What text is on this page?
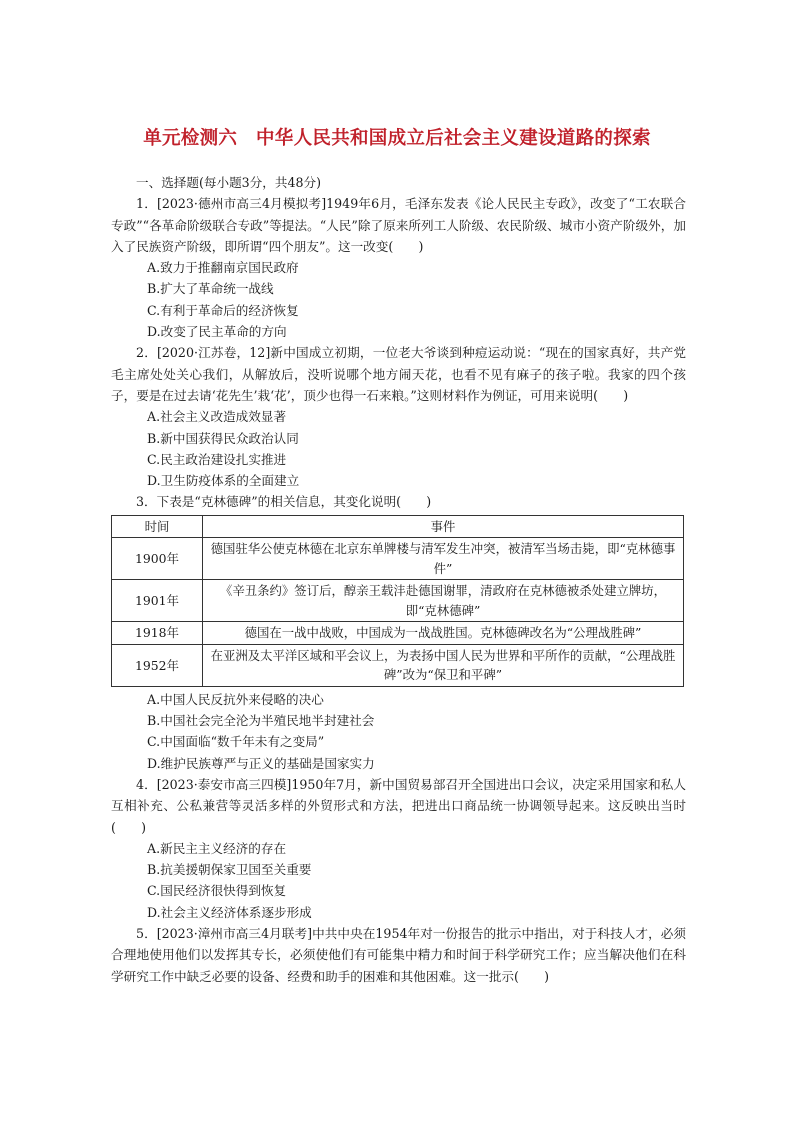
单元检测六　中华人民共和国成立后社会主义建设道路的探索
一、选择题(每小题3分，共48分)

1．[2023·德州市高三4月模拟考]1949年6月，毛泽东发表《论人民民主专政》，改变了“工农联合专政”“各革命阶级联合专政”等提法。“人民”除了原来所列工人阶级、农民阶级、城市小资产阶级外，加入了民族资产阶级，即所谓“四个朋友”。这一改变(　　)

A.致力于推翻南京国民政府
B.扩大了革命统一战线
C.有利于革命后的经济恢复
D.改变了民主革命的方向

2．[2020·江苏卷，12]新中国成立初期，一位老大爷谈到种痘运动说：“现在的国家真好，共产党毛主席处处关心我们，从解放后，没听说哪个地方闹天花，也看不见有麻子的孩子啦。我家的四个孩子，要是在过去请‘花先生’栽‘花’，顶少也得一石来粮。”这则材料作为例证，可用来说明(　　)

A.社会主义改造成效显著
B.新中国获得民众政治认同
C.民主政治建设扎实推进
D.卫生防疫体系的全面建立

3．下表是“克林德碑”的相关信息，其变化说明(　　)

时间	事件
1900年	德国驻华公使克林德在北京东单牌楼与清军发生冲突，被清军当场击毙，即“克林德事件”
1901年	《辛丑条约》签订后，醇亲王载沣赴德国谢罪，清政府在克林德被杀处建立牌坊，即“克林德碑”
1918年	德国在一战中战败，中国成为一战战胜国。克林德碑改名为“公理战胜碑”
1952年	在亚洲及太平洋区域和平会议上，为表扬中国人民为世界和平所作的贡献，“公理战胜碑”改为“保卫和平碑”
A.中国人民反抗外来侵略的决心
B.中国社会完全沦为半殖民地半封建社会
C.中国面临“数千年未有之变局”
D.维护民族尊严与正义的基础是国家实力

4．[2023·泰安市高三四模]1950年7月，新中国贸易部召开全国进出口会议，决定采用国家和私人互相补充、公私兼营等灵活多样的外贸形式和方法，把进出口商品统一协调领导起来。这反映出当时(　　)

A.新民主主义经济的存在
B.抗美援朝保家卫国至关重要
C.国民经济很快得到恢复
D.社会主义经济体系逐步形成

5．[2023·漳州市高三4月联考]中共中央在1954年对一份报告的批示中指出，对于科技人才，必须合理地使用他们以发挥其专长，必须使他们有可能集中精力和时间于科学研究工作；应当解决他们在科学研究工作中缺乏必要的设备、经费和助手的困难和其他困难。这一批示(　　)
